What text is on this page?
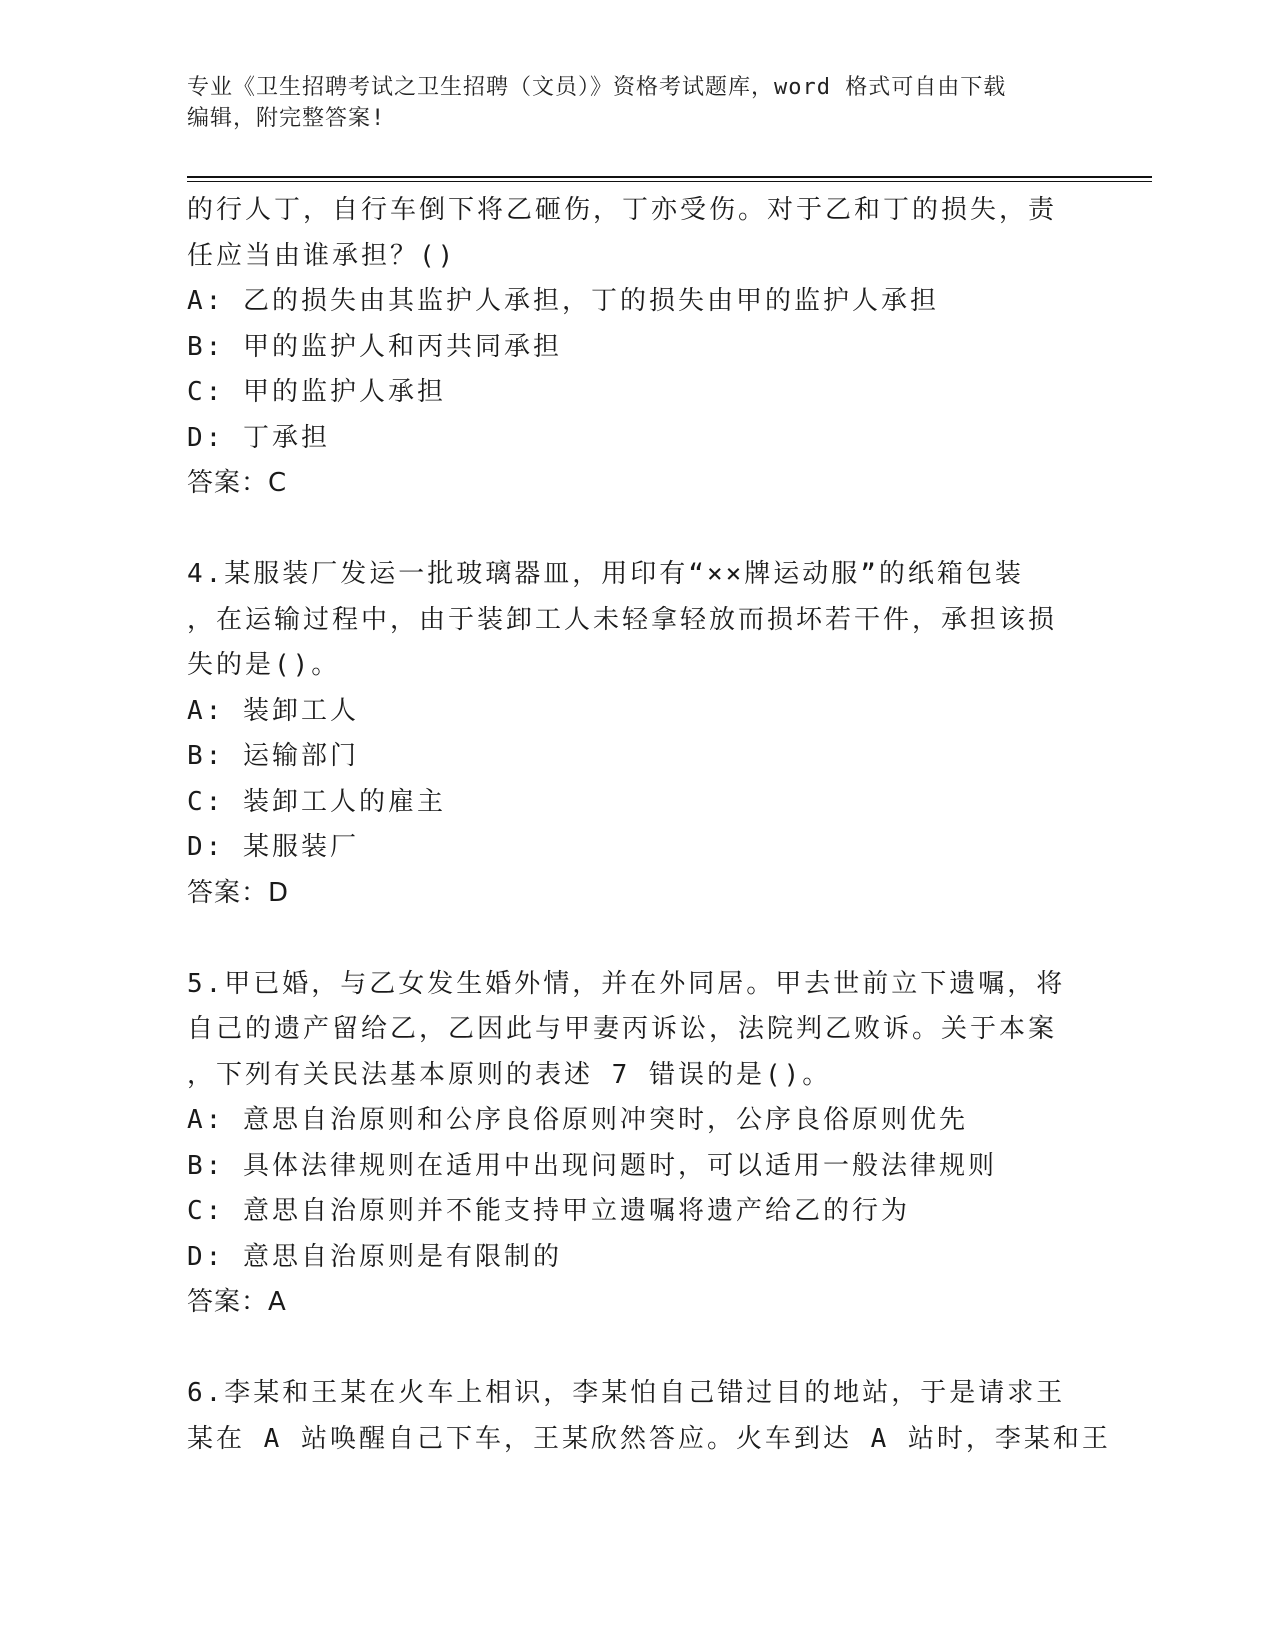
专业《卫生招聘考试之卫生招聘（文员）》资格考试题库，word 格式可自由下载
编辑，附完整答案!
的行人丁，自行车倒下将乙砸伤，丁亦受伤。对于乙和丁的损失，责
任应当由谁承担？()
A: 乙的损失由其监护人承担，丁的损失由甲的监护人承担
B: 甲的监护人和丙共同承担
C: 甲的监护人承担
D: 丁承担
答案：C
4.某服装厂发运一批玻璃器皿，用印有“××牌运动服”的纸箱包装
，在运输过程中，由于装卸工人未轻拿轻放而损坏若干件，承担该损
失的是()。
A: 装卸工人
B: 运输部门
C: 装卸工人的雇主
D: 某服装厂
答案：D
5.甲已婚，与乙女发生婚外情，并在外同居。甲去世前立下遗嘱，将
自己的遗产留给乙，乙因此与甲妻丙诉讼，法院判乙败诉。关于本案
，下列有关民法基本原则的表述 7 错误的是()。
A: 意思自治原则和公序良俗原则冲突时，公序良俗原则优先
B: 具体法律规则在适用中出现问题时，可以适用一般法律规则
C: 意思自治原则并不能支持甲立遗嘱将遗产给乙的行为
D: 意思自治原则是有限制的
答案：A
6.李某和王某在火车上相识，李某怕自己错过目的地站，于是请求王
某在 A 站唤醒自己下车，王某欣然答应。火车到达 A 站时，李某和王
